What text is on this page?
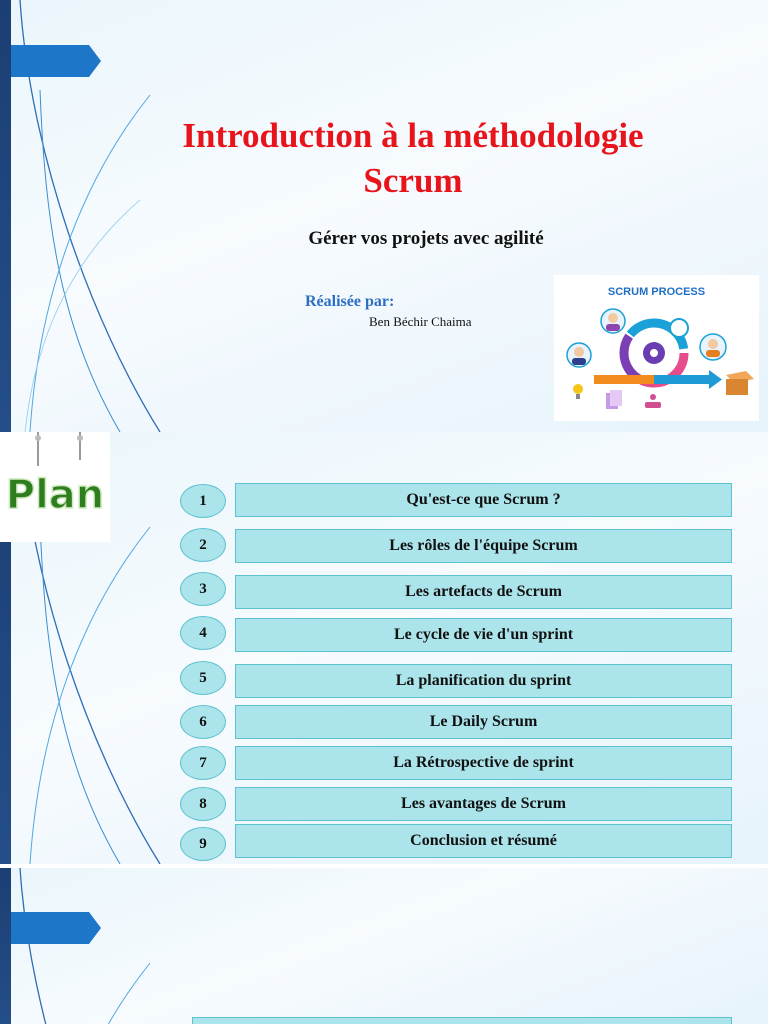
Introduction à la méthodologie
Scrum
Gérer vos projets avec agilité
Réalisée par:
Ben Béchir Chaima
SCRUM PROCESS
Plan	1	Qu'est-ce que Scrum ?
2	Les rôles de l'équipe Scrum
3	Les artefacts de Scrum
4	Le cycle de vie d'un sprint
5	La planification du sprint
6	Le Daily Scrum
7	La Rétrospective de sprint
8	Les avantages de Scrum
9	Conclusion et résumé
